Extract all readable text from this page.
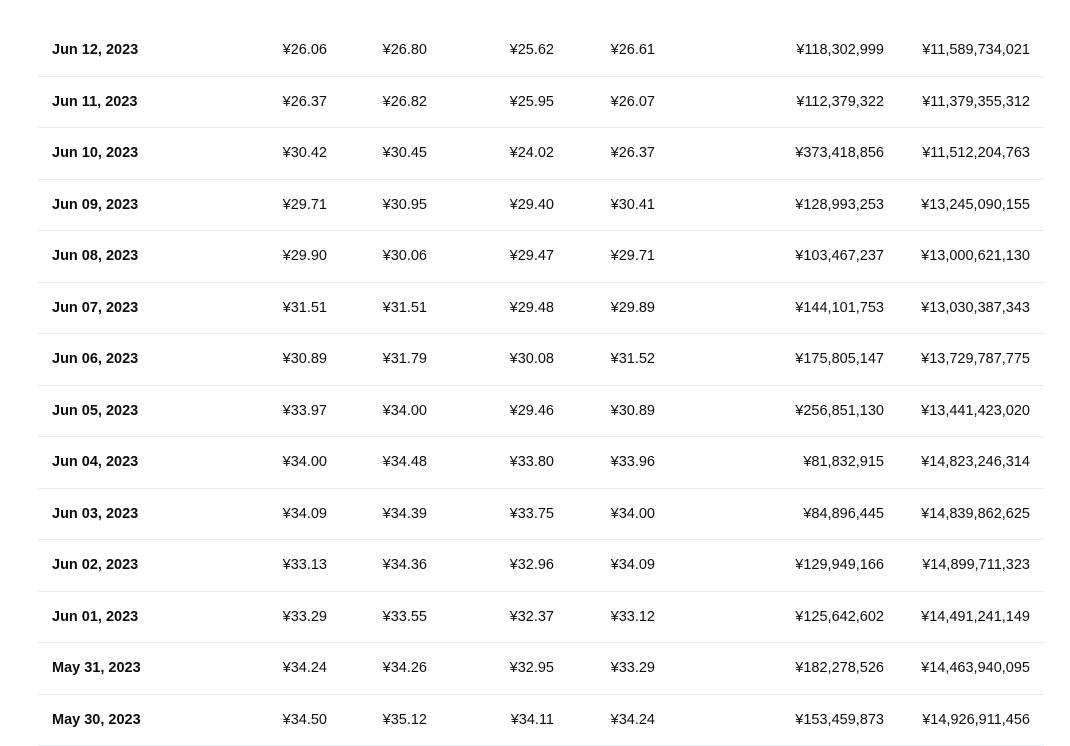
Jun 12, 2023	¥26.06	¥26.80	¥25.62	¥26.61	¥118,302,999	¥11,589,734,021
Jun 11, 2023	¥26.37	¥26.82	¥25.95	¥26.07	¥112,379,322	¥11,379,355,312
Jun 10, 2023	¥30.42	¥30.45	¥24.02	¥26.37	¥373,418,856	¥11,512,204,763
Jun 09, 2023	¥29.71	¥30.95	¥29.40	¥30.41	¥128,993,253	¥13,245,090,155
Jun 08, 2023	¥29.90	¥30.06	¥29.47	¥29.71	¥103,467,237	¥13,000,621,130
Jun 07, 2023	¥31.51	¥31.51	¥29.48	¥29.89	¥144,101,753	¥13,030,387,343
Jun 06, 2023	¥30.89	¥31.79	¥30.08	¥31.52	¥175,805,147	¥13,729,787,775
Jun 05, 2023	¥33.97	¥34.00	¥29.46	¥30.89	¥256,851,130	¥13,441,423,020
Jun 04, 2023	¥34.00	¥34.48	¥33.80	¥33.96	¥81,832,915	¥14,823,246,314
Jun 03, 2023	¥34.09	¥34.39	¥33.75	¥34.00	¥84,896,445	¥14,839,862,625
Jun 02, 2023	¥33.13	¥34.36	¥32.96	¥34.09	¥129,949,166	¥14,899,711,323
Jun 01, 2023	¥33.29	¥33.55	¥32.37	¥33.12	¥125,642,602	¥14,491,241,149
May 31, 2023	¥34.24	¥34.26	¥32.95	¥33.29	¥182,278,526	¥14,463,940,095
May 30, 2023	¥34.50	¥35.12	¥34.11	¥34.24	¥153,459,873	¥14,926,911,456
